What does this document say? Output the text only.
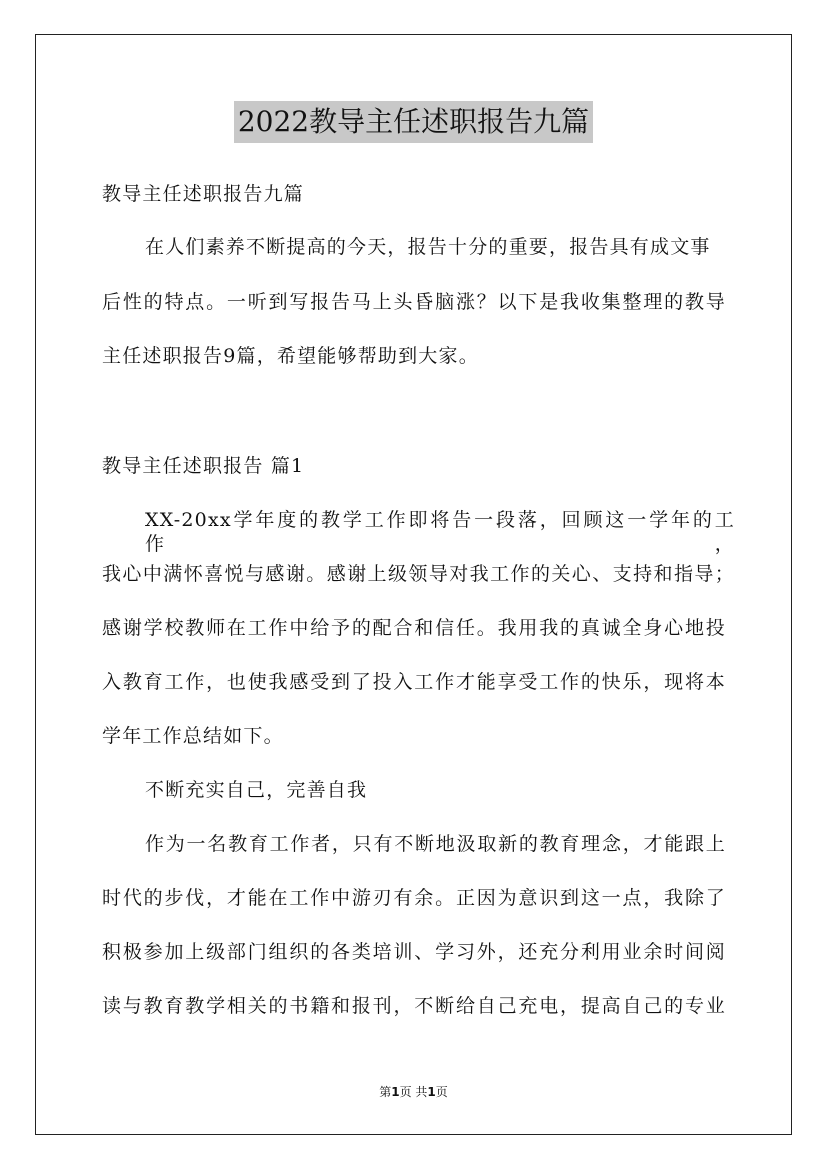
2022教导主任述职报告九篇
教导主任述职报告九篇
在人们素养不断提高的今天，报告十分的重要，报告具有成文事
后性的特点。一听到写报告马上头昏脑涨？以下是我收集整理的教导
主任述职报告9篇，希望能够帮助到大家。
教导主任述职报告 篇1
XX-20xx学年度的教学工作即将告一段落，回顾这一学年的工作，
我心中满怀喜悦与感谢。感谢上级领导对我工作的关心、支持和指导；
感谢学校教师在工作中给予的配合和信任。我用我的真诚全身心地投
入教育工作，也使我感受到了投入工作才能享受工作的快乐，现将本
学年工作总结如下。
不断充实自己，完善自我
作为一名教育工作者，只有不断地汲取新的教育理念，才能跟上
时代的步伐，才能在工作中游刃有余。正因为意识到这一点，我除了
积极参加上级部门组织的各类培训、学习外，还充分利用业余时间阅
读与教育教学相关的书籍和报刊，不断给自己充电，提高自己的专业
第1页 共1页
